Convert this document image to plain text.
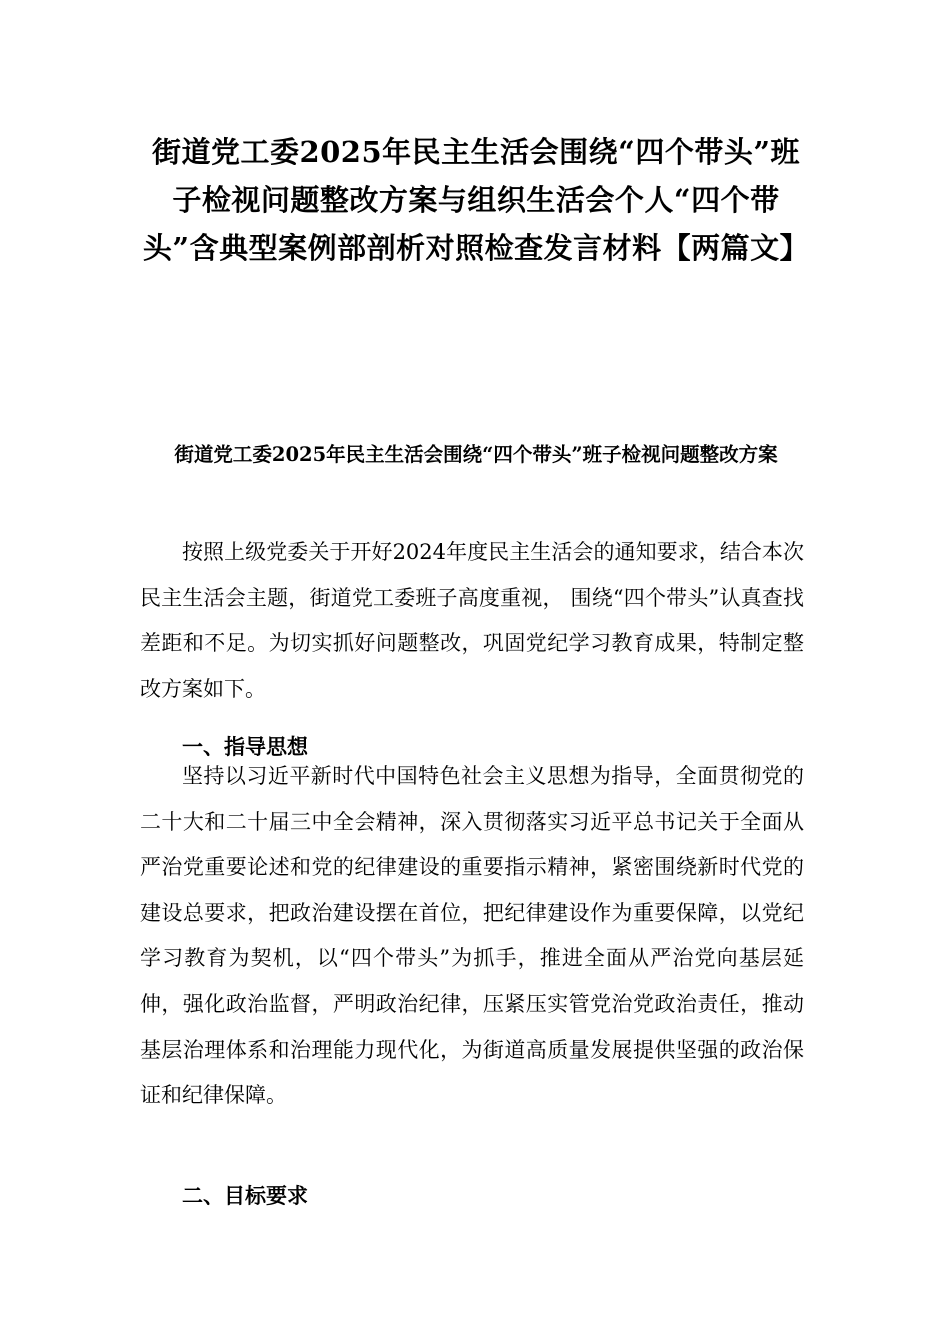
街道党工委2025年民主生活会围绕“四个带头”班子检视问题整改方案与组织生活会个人“四个带头”含典型案例部剖析对照检查发言材料【两篇文】
街道党工委2025年民主生活会围绕“四个带头”班子检视问题整改方案
按照上级党委关于开好2024年度民主生活会的通知要求，结合本次民主生活会主题，街道党工委班子高度重视， 围绕“四个带头”认真查找差距和不足。为切实抓好问题整改，巩固党纪学习教育成果，特制定整改方案如下。
一、指导思想
坚持以习近平新时代中国特色社会主义思想为指导，全面贯彻党的二十大和二十届三中全会精神，深入贯彻落实习近平总书记关于全面从严治党重要论述和党的纪律建设的重要指示精神，紧密围绕新时代党的建设总要求，把政治建设摆在首位，把纪律建设作为重要保障，以党纪学习教育为契机，以“四个带头”为抓手，推进全面从严治党向基层延伸，强化政治监督，严明政治纪律，压紧压实管党治党政治责任，推动基层治理体系和治理能力现代化，为街道高质量发展提供坚强的政治保证和纪律保障。
二、目标要求
